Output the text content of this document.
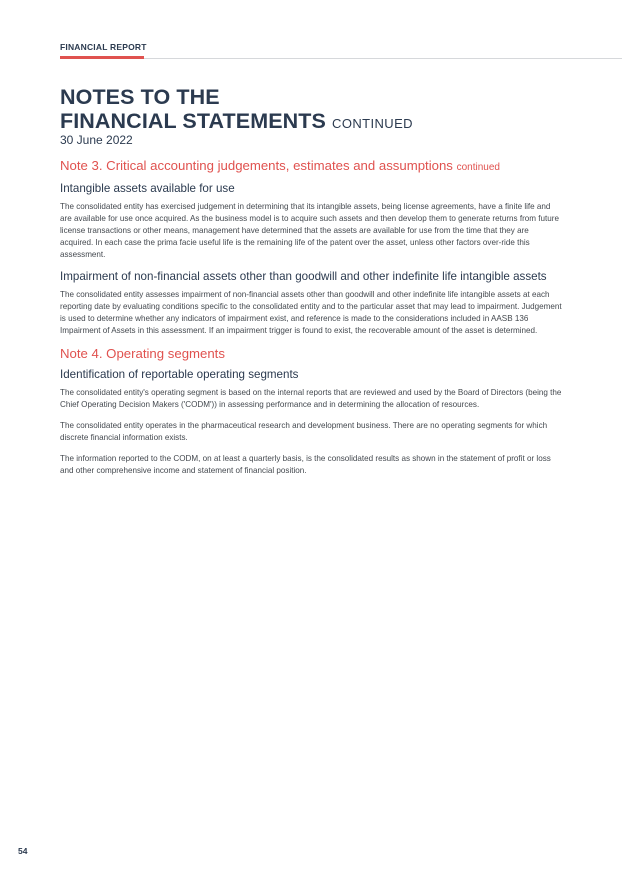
FINANCIAL REPORT
NOTES TO THE
FINANCIAL STATEMENTS CONTINUED
30 June 2022
Note 3. Critical accounting judgements, estimates and assumptions continued
Intangible assets available for use

The consolidated entity has exercised judgement in determining that its intangible assets, being license agreements, have a finite life and are available for use once acquired. As the business model is to acquire such assets and then develop them to generate returns from future license transactions or other means, management have determined that the assets are available for use from the time that they are acquired. In each case the prima facie useful life is the remaining life of the patent over the asset, unless other factors over-ride this assessment.

Impairment of non-financial assets other than goodwill and other indefinite life intangible assets

The consolidated entity assesses impairment of non-financial assets other than goodwill and other indefinite life intangible assets at each reporting date by evaluating conditions specific to the consolidated entity and to the particular asset that may lead to impairment. Judgement is used to determine whether any indicators of impairment exist, and reference is made to the considerations included in AASB 136 Impairment of Assets in this assessment. If an impairment trigger is found to exist, the recoverable amount of the asset is determined.

Note 4. Operating segments
Identification of reportable operating segments

The consolidated entity's operating segment is based on the internal reports that are reviewed and used by the Board of Directors (being the Chief Operating Decision Makers ('CODM')) in assessing performance and in determining the allocation of resources.

The consolidated entity operates in the pharmaceutical research and development business. There are no operating segments for which discrete financial information exists.

The information reported to the CODM, on at least a quarterly basis, is the consolidated results as shown in the statement of profit or loss and other comprehensive income and statement of financial position.

54
